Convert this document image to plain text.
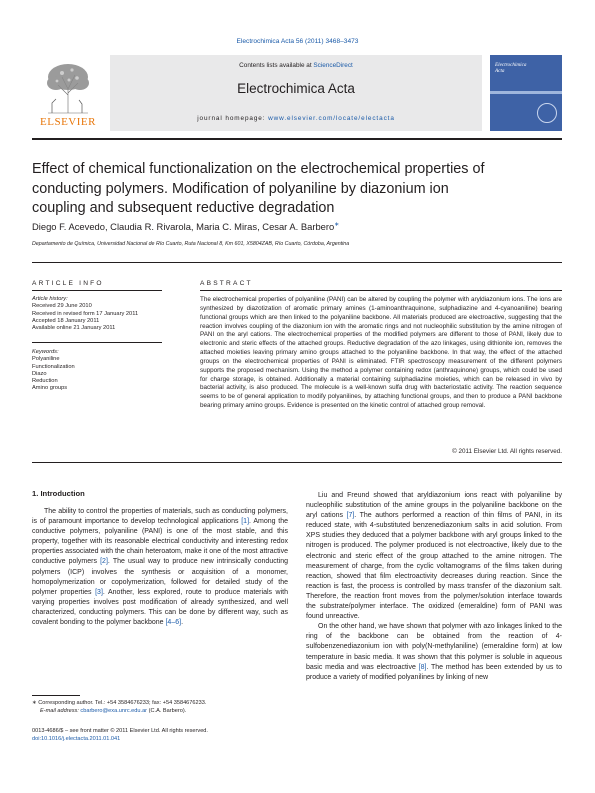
Electrochimica Acta 56 (2011) 3468–3473
ELSEVIER
Contents lists available at ScienceDirect
Electrochimica Acta
journal homepage: www.elsevier.com/locate/electacta
Electrochimica
Acta
Effect of chemical functionalization on the electrochemical properties of
conducting polymers. Modification of polyaniline by diazonium ion
coupling and subsequent reductive degradation
Diego F. Acevedo, Claudia R. Rivarola, Maria C. Miras, Cesar A. Barbero∗
Departamento de Química, Universidad Nacional de Río Cuarto, Ruta Nacional 8, Km 601, X5804ZAB, Río Cuarto, Córdoba, Argentina
ARTICLE INFO	ABSTRACT
Article history:
Received 29 June 2010
Received in revised form 17 January 2011
Accepted 18 January 2011
Available online 21 January 2011
Keywords:
Polyaniline
Functionalization
Diazo
Reduction
Amino groups
The electrochemical properties of polyaniline (PANI) can be altered by coupling the polymer with aryldiazonium ions. The ions are synthesized by diazotization of aromatic primary amines (1-aminoanthraquinone, sulphadiazine and 4-cyanoaniline) bearing functional groups which are then linked to the polyaniline backbone. All materials produced are electroactive, suggesting that the reaction involves coupling of the diazonium ion with the aromatic rings and not nucleophilic substitution by the amine nitrogen of PANI on the aryl cations. The electrochemical properties of the modified polymers are different to those of PANI, likely due to electronic and steric effects of the attached groups. Reductive degradation of the azo linkages, using dithionite ion, removes the attached moieties leaving primary amino groups attached to the polyaniline backbone. In that way, the effect of the attached groups on the electrochemical properties of PANI is eliminated. FTIR spectroscopy measurement of the different polymers supports the proposed mechanism. Using the method a polymer containing redox (anthraquinone) groups, which could be used for charge storage, is obtained. Additionally a material containing sulphadiazine moieties, which can be released in vivo by bacterial activity, is also produced. The molecule is a well-known sulfa drug with bacteriostatic activity. The reaction sequence seems to be of general application to modify polyanilines, by attaching functional groups, and then to produce a PANI backbone bearing primary amino groups. Evidence is presented on the kinetic control of attached group removal.
© 2011 Elsevier Ltd. All rights reserved.
1. Introduction

The ability to control the properties of materials, such as conducting polymers, is of paramount importance to develop technological applications [1]. Among the conductive polymers, polyaniline (PANI) is one of the most stable, and this property, together with its reasonable electrical conductivity and interesting redox properties associated with the chain heteroatom, make it one of the most attractive conductive polymers [2]. The usual way to produce new intrinsically conducting polymers (ICP) involves the synthesis or acquisition of a monomer, homopolymerization or copolymerization, followed for detailed study of the polymer properties [3]. Another, less explored, route to produce materials with varying properties involves post modification of already synthesized, and well characterized, conducting polymers. This can be done by different way, such as covalent bonding to the polymer backbone [4–6].

Liu and Freund showed that aryldiazonium ions react with polyaniline by nucleophilic substitution of the amine groups in the polyaniline backbone on the aryl cations [7]. The authors performed a reaction of thin films of PANI, in its reduced state, with 4-substituted benzenediazonium salts in acid solution. From XPS studies they deduced that a polymer backbone with aryl groups linked to the nitrogen is produced. The polymer produced is not electroactive, likely due to the electronic and steric effect of the group attached to the amine nitrogen. The measurement of charge, from the cyclic voltamograms of the films taken during reaction, showed that film electroactivity decreases during reaction. Since the reaction is fast, the process is controlled by mass transfer of the diazonium salt. Therefore, the reaction front moves from the polymer/solution interface towards the substrate/polymer interface. The oxidized (emeraldine) form of PANI was found unreactive.

On the other hand, we have shown that polymer with azo linkages linked to the ring of the backbone can be obtained from the reaction of 4-sulfobenzenediazonium ion with poly(N-methylaniline) (emeraldine form) at low temperature in basic media. It was shown that this polymer is soluble in aqueous basic media and was electroactive [8]. The method has been extended by us to produce a variety of modified polyanilines by linking of new

∗ Corresponding author. Tel.: +54 3584676233; fax: +54 3584676233.
E-mail address: cbarbero@exa.unrc.edu.ar (C.A. Barbero).
0013-4686/$ – see front matter © 2011 Elsevier Ltd. All rights reserved.
doi:10.1016/j.electacta.2011.01.041
